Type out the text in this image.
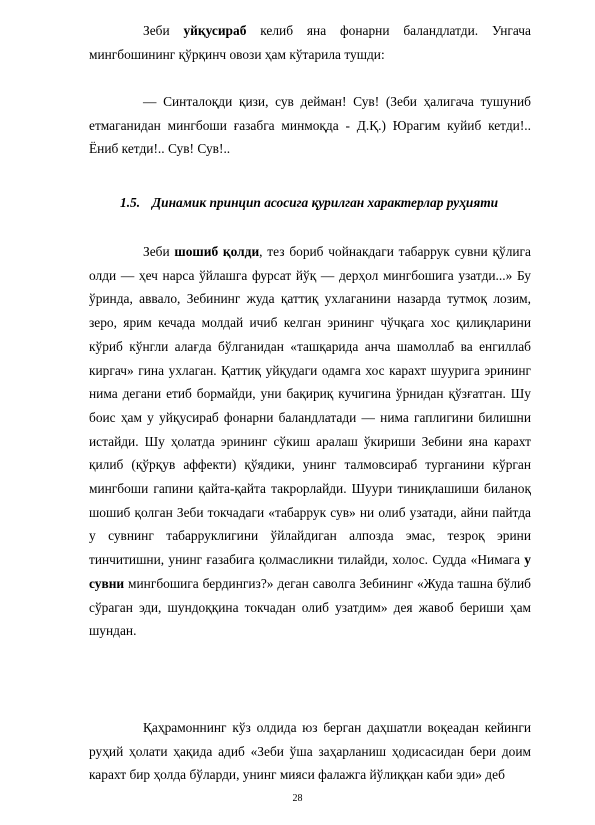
Зеби уйқусираб келиб яна фонарни баландлатди. Унгача мингбошининг қўрқинч овози ҳам кўтарила тушди:

— Синталоқди қизи, сув дейман! Сув! (Зеби ҳалигача тушуниб етмаганидан мингбоши ғазабга минмоқда - Д.Қ.) Юрагим куйиб кетди!.. Ёниб кетди!.. Сув! Сув!..

1.5. Динамик принцип асосига қурилган характерлар руҳияти

Зеби шошиб қолди, тез бориб чойнакдаги табаррук сувни қўлига олди — ҳеч нарса ўйлашга фурсат йўқ — дерҳол мингбошига узатди...» Бу ўринда, аввало, Зебининг жуда қаттиқ ухлаганини назарда тутмоқ лозим, зеро, ярим кечада молдай ичиб келган эрининг чўчқага хос қилиқларини кўриб кўнгли алағда бўлганидан «ташқарида анча шамоллаб ва енгиллаб киргач» гина ухлаган. Қаттиқ уйқудаги одамга хос карахт шуурига эрининг нима дегани етиб бормайди, уни бақириқ кучигина ўрнидан қўзғатган. Шу боис ҳам у уйқусираб фонарни баландлатади — нима гаплигини билишни истайди. Шу ҳолатда эрининг сўкиш аралаш ўкириши Зебини яна карахт қилиб (қўрқув аффекти) қўядики, унинг талмовсираб турганини кўрган мингбоши гапини қайта-қайта такрорлайди. Шуури тиниқлашиши биланоқ шошиб қолган Зеби токчадаги «табаррук сув» ни олиб узатади, айни пайтда у сувнинг табарруклигини ўйлайдиган алпозда эмас, тезроқ эрини тинчитишни, унинг ғазабига қолмасликни тилайди, холос. Судда «Нимага у сувни мингбошига бердингиз?» деган саволга Зебининг «Жуда ташна бўлиб сўраган эди, шундоққина токчадан олиб узатдим» дея жавоб бериши ҳам шундан.

Қаҳрамоннинг кўз олдида юз берган даҳшатли воқеадан кейинги руҳий ҳолати ҳақида адиб «Зеби ўша заҳарланиш ҳодисасидан бери доим карахт бир ҳолда бўларди, унинг мияси фалажга йўлиққан каби эди» деб

28
